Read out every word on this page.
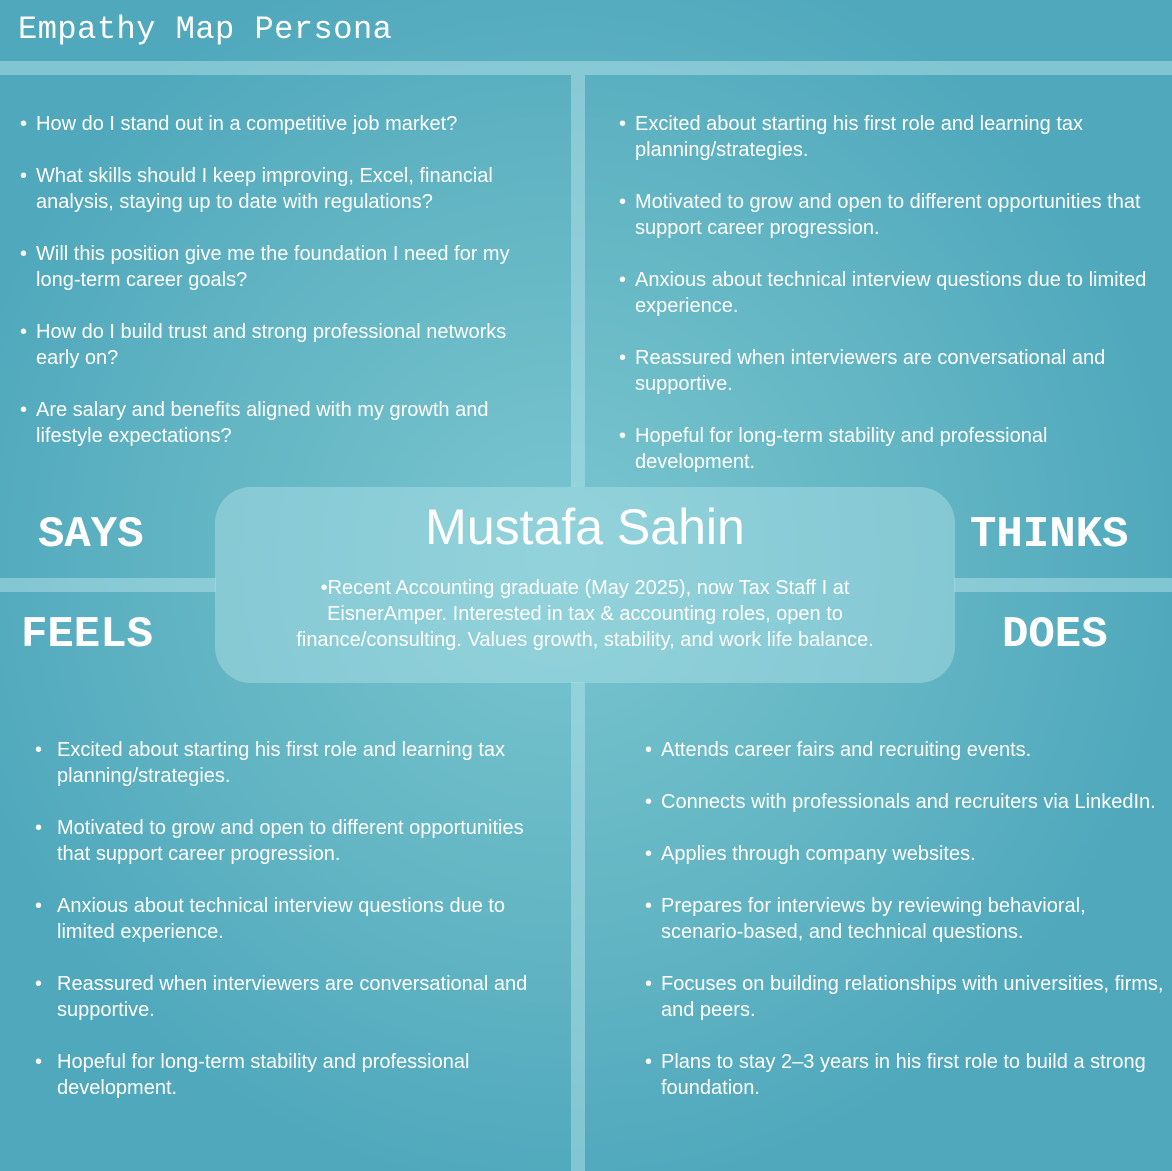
Empathy Map Persona
• How do I stand out in a competitive job market?
• What skills should I keep improving, Excel, financial analysis, staying up to date with regulations?
• Will this position give me the foundation I need for my long-term career goals?
• How do I build trust and strong professional networks early on?
• Are salary and benefits aligned with my growth and lifestyle expectations?
• Excited about starting his first role and learning tax planning/strategies.
• Motivated to grow and open to different opportunities that support career progression.
• Anxious about technical interview questions due to limited experience.
• Reassured when interviewers are conversational and supportive.
• Hopeful for long-term stability and professional development.
SAYS	THINKS
FEELS	DOES
Mustafa Sahin

•Recent Accounting graduate (May 2025), now Tax Staff I at EisnerAmper. Interested in tax & accounting roles, open to finance/consulting. Values growth, stability, and work life balance.

• Excited about starting his first role and learning tax planning/strategies.
• Motivated to grow and open to different opportunities that support career progression.
• Anxious about technical interview questions due to limited experience.
• Reassured when interviewers are conversational and supportive.
• Hopeful for long-term stability and professional development.
• Attends career fairs and recruiting events.
• Connects with professionals and recruiters via LinkedIn.
• Applies through company websites.
• Prepares for interviews by reviewing behavioral, scenario-based, and technical questions.
• Focuses on building relationships with universities, firms, and peers.
• Plans to stay 2–3 years in his first role to build a strong foundation.
